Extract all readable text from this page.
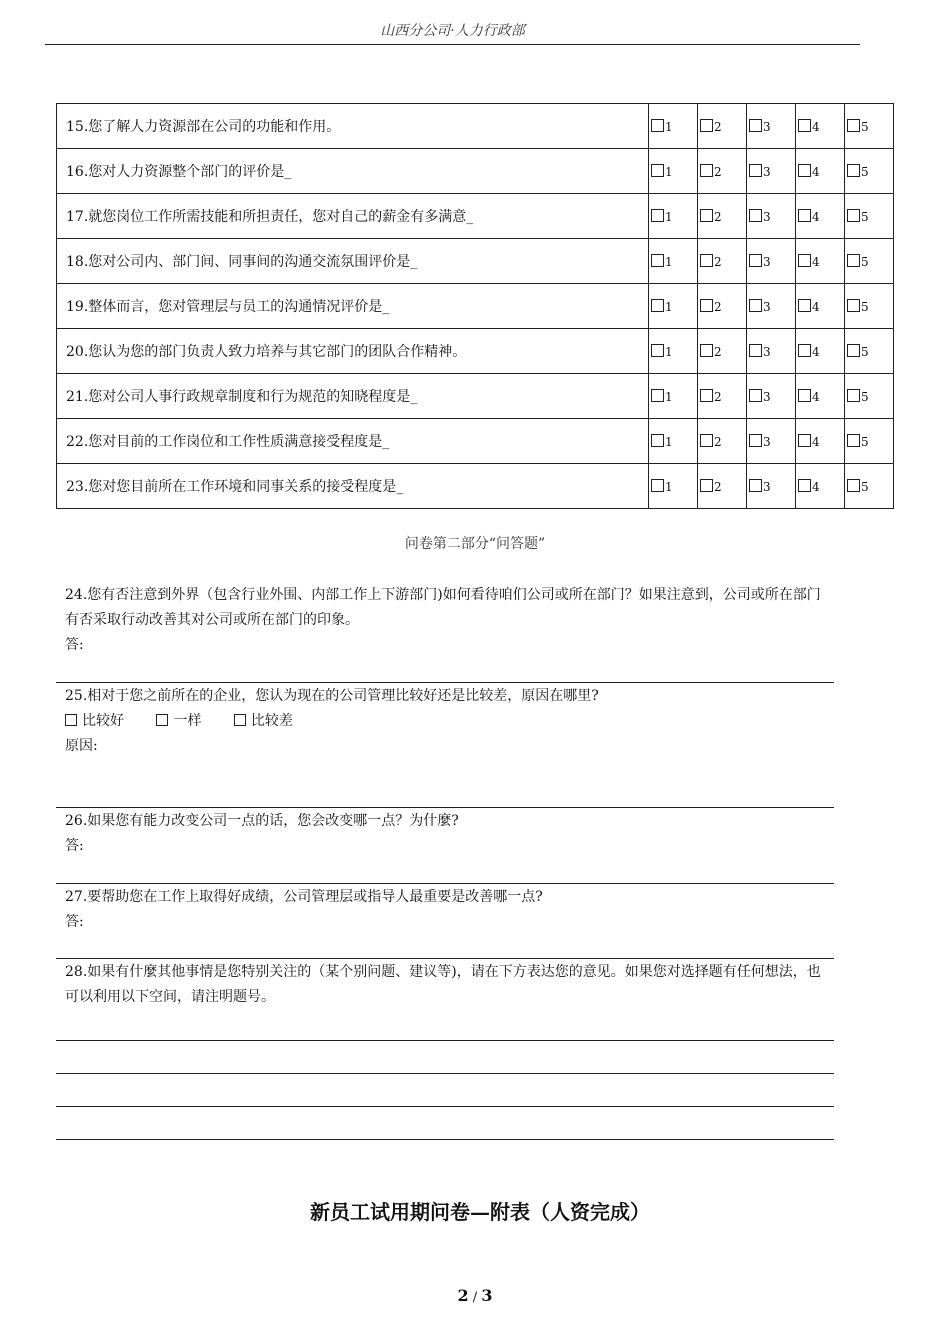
山西分公司·人力行政部
15.您了解人力资源部在公司的功能和作用。	1	2	3	4	5
16.您对人力资源整个部门的评价是_	1	2	3	4	5
17.就您岗位工作所需技能和所担责任，您对自己的薪金有多满意_	1	2	3	4	5
18.您对公司内、部门间、同事间的沟通交流氛围评价是_	1	2	3	4	5
19.整体而言，您对管理层与员工的沟通情况评价是_	1	2	3	4	5
20.您认为您的部门负责人致力培养与其它部门的团队合作精神。	1	2	3	4	5
21.您对公司人事行政规章制度和行为规范的知晓程度是_	1	2	3	4	5
22.您对目前的工作岗位和工作性质满意接受程度是_	1	2	3	4	5
23.您对您目前所在工作环境和同事关系的接受程度是_	1	2	3	4	5
问卷第二部分“问答题”
24.您有否注意到外界（包含行业外围、内部工作上下游部门)如何看待咱们公司或所在部门？如果注意到，公司或所在部门有否采取行动改善其对公司或所在部门的印象。
答:
25.相对于您之前所在的企业，您认为现在的公司管理比较好还是比较差，原因在哪里?
比较好	一样	比较差
原因:
26.如果您有能力改变公司一点的话，您会改变哪一点？为什麼?
答:
27.要帮助您在工作上取得好成绩，公司管理层或指导人最重要是改善哪一点?
答:
28.如果有什麼其他事情是您特别关注的（某个别问题、建议等)，请在下方表达您的意见。如果您对选择题有任何想法，也可以利用以下空间，请注明题号。
新员工试用期问卷—附表（人资完成）
2 / 3
